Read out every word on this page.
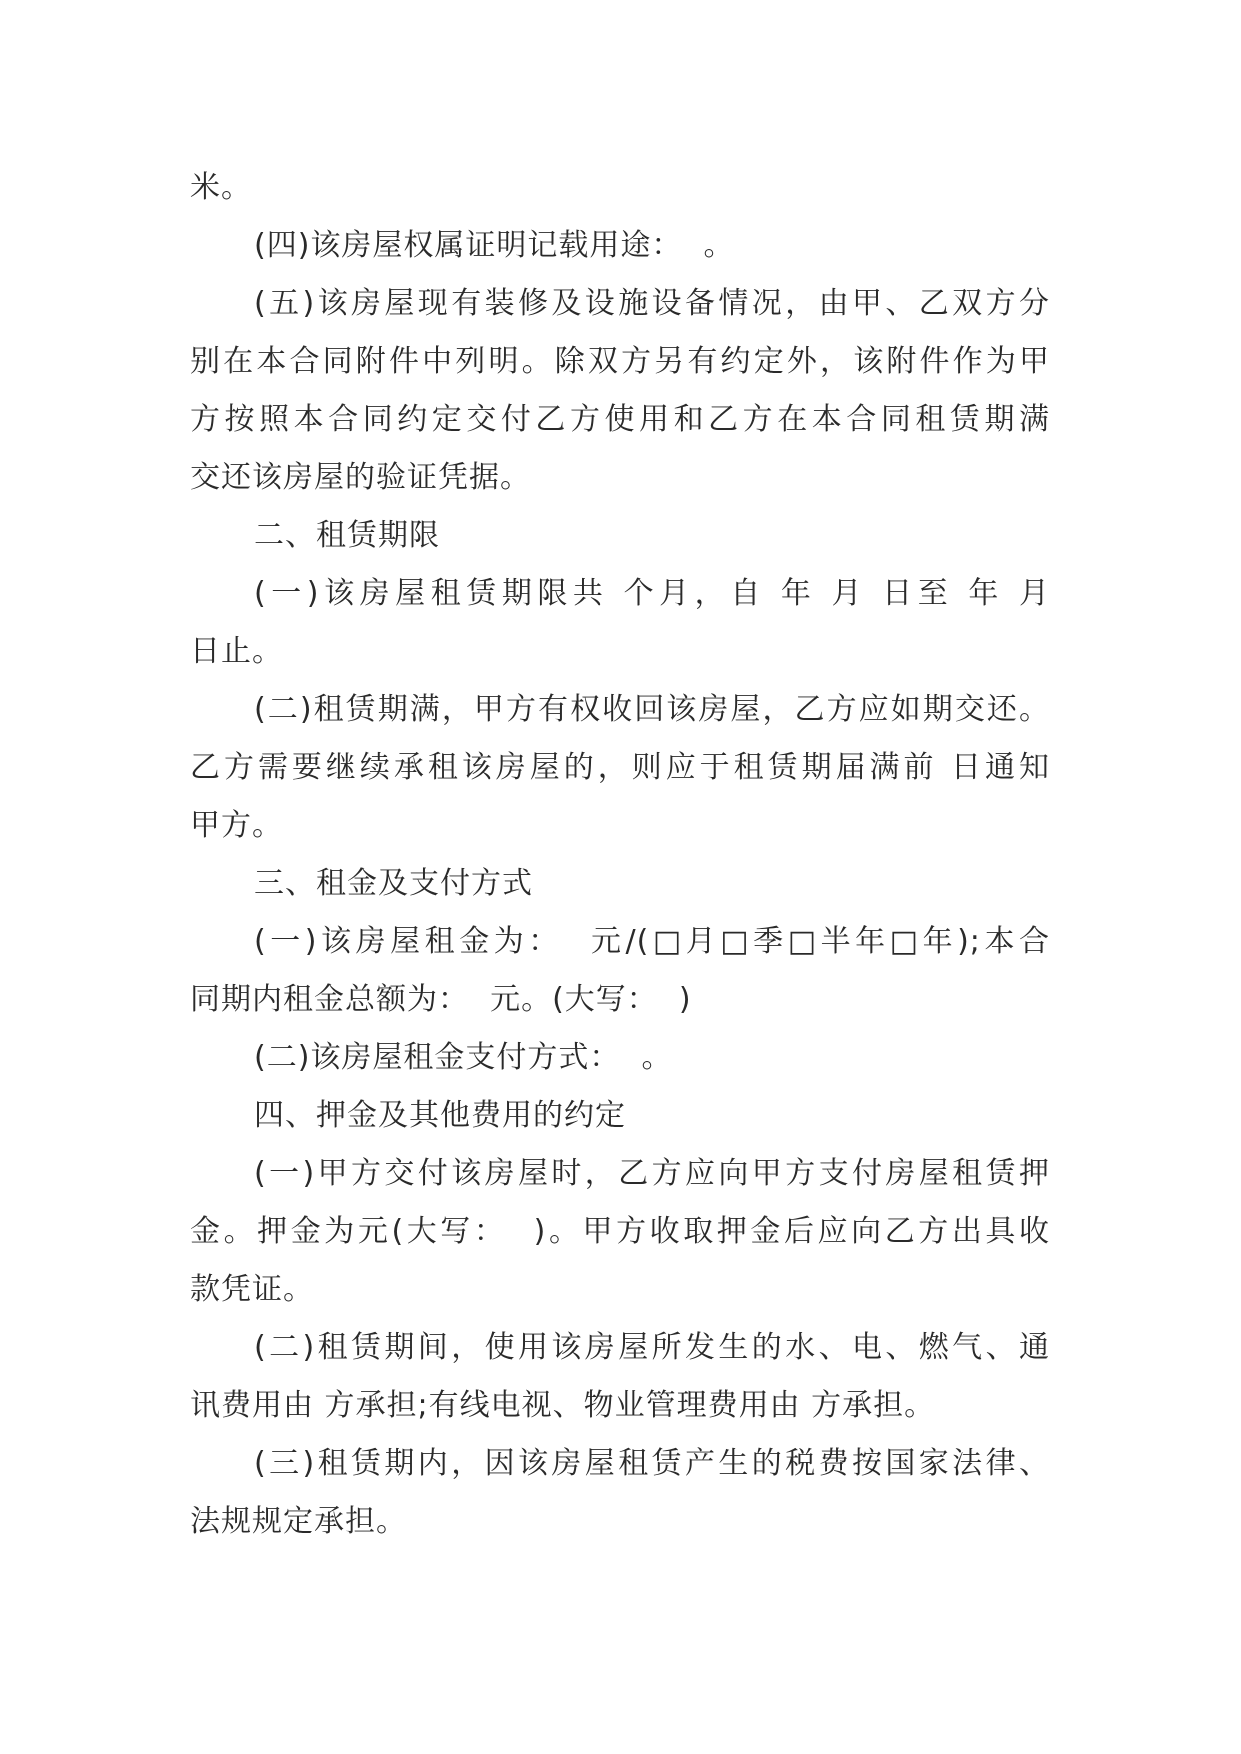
米。
(四)该房屋权属证明记载用途：  。
(五)该房屋现有装修及设施设备情况，由甲、乙双方分
别在本合同附件中列明。除双方另有约定外，该附件作为甲
方按照本合同约定交付乙方使用和乙方在本合同租赁期满
交还该房屋的验证凭据。
二、租赁期限
(一)该房屋租赁期限共 个月，自 年 月 日至 年 月
日止。
(二)租赁期满，甲方有权收回该房屋，乙方应如期交还。
乙方需要继续承租该房屋的，则应于租赁期届满前 日通知
甲方。
三、租金及支付方式
(一)该房屋租金为：  元/(□月□季□半年□年);本合
同期内租金总额为：  元。(大写：  )
(二)该房屋租金支付方式：  。
四、押金及其他费用的约定
(一)甲方交付该房屋时，乙方应向甲方支付房屋租赁押
金。押金为元(大写：  )。甲方收取押金后应向乙方出具收
款凭证。
(二)租赁期间，使用该房屋所发生的水、电、燃气、通
讯费用由 方承担;有线电视、物业管理费用由 方承担。
(三)租赁期内，因该房屋租赁产生的税费按国家法律、
法规规定承担。
